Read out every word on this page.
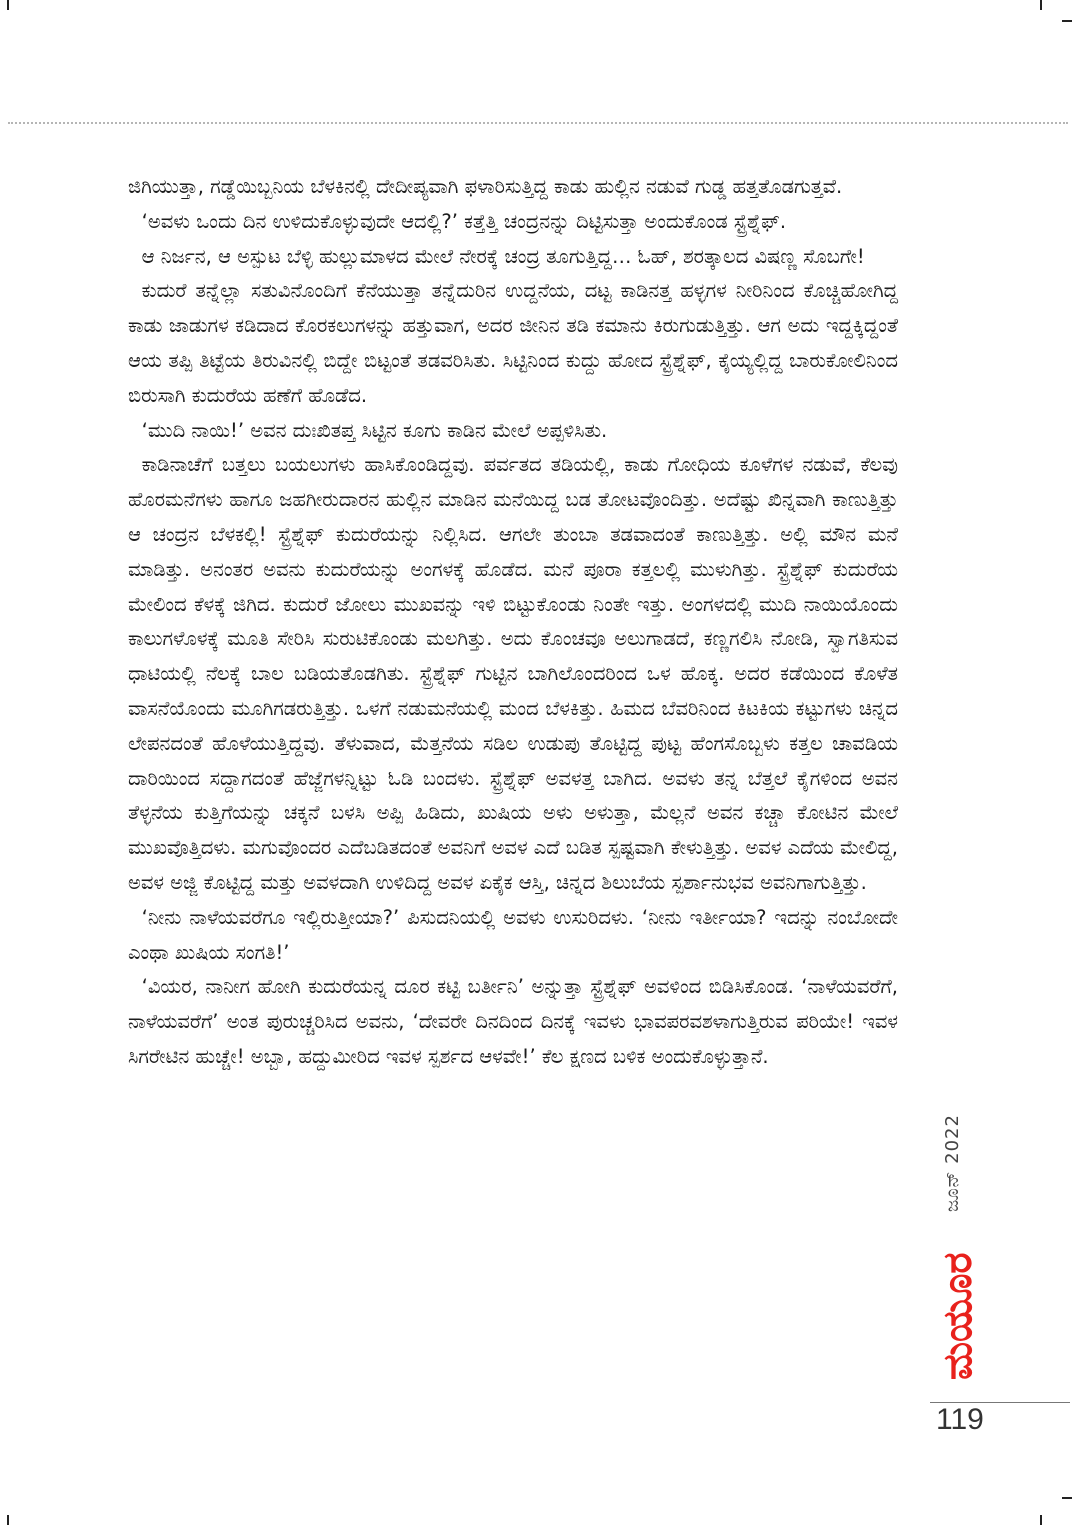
ಜಿಗಿಯುತ್ತಾ, ಗಡ್ಡೆಯಿಬ್ಬನಿಯ ಬೆಳಕಿನಲ್ಲಿ ದೇದೀಪ್ಯವಾಗಿ ಫಳಾರಿಸುತ್ತಿದ್ದ ಕಾಡು ಹುಲ್ಲಿನ ನಡುವೆ ಗುಡ್ಡ ಹತ್ತತೊಡಗುತ್ತವೆ.

‘ಅವಳು ಒಂದು ದಿನ ಉಳಿದುಕೊಳ್ಳುವುದೇ ಆದಲ್ಲಿ?’ ಕತ್ತೆತ್ತಿ ಚಂದ್ರನನ್ನು ದಿಟ್ಟಿಸುತ್ತಾ ಅಂದುಕೊಂಡ ಸ್ಟ್ರೆಶ್ನೆಫ್.

ಆ ನಿರ್ಜನ, ಆ ಅಸ್ಪುಟ ಬೆಳ್ಳಿ ಹುಲ್ಲುಮಾಳದ ಮೇಲೆ ನೇರಕ್ಕೆ ಚಂದ್ರ ತೂಗುತ್ತಿದ್ದ… ಓಹ್, ಶರತ್ಕಾಲದ ವಿಷಣ್ಣ ಸೊಬಗೇ!

ಕುದುರೆ ತನ್ನೆಲ್ಲಾ ಸತುವಿನೊಂದಿಗೆ ಕೆನೆಯುತ್ತಾ ತನ್ನೆದುರಿನ ಉದ್ದನೆಯ, ದಟ್ಟ ಕಾಡಿನತ್ತ ಹಳ್ಳಗಳ ನೀರಿನಿಂದ ಕೊಚ್ಚಿಹೋಗಿದ್ದ ಕಾಡು ಜಾಡುಗಳ ಕಡಿದಾದ ಕೊರಕಲುಗಳನ್ನು ಹತ್ತುವಾಗ, ಅದರ ಜೀನಿನ ತಡಿ ಕಮಾನು ಕಿರುಗುಡುತ್ತಿತ್ತು. ಆಗ ಅದು ಇದ್ದಕ್ಕಿದ್ದಂತೆ ಆಯ ತಪ್ಪಿ ತಿಟ್ಟೆಯ ತಿರುವಿನಲ್ಲಿ ಬಿದ್ದೇ ಬಿಟ್ಟಂತೆ ತಡವರಿಸಿತು. ಸಿಟ್ಟಿನಿಂದ ಕುದ್ದು ಹೋದ ಸ್ಟ್ರೆಶ್ನೆಫ್, ಕೈಯ್ಯಲ್ಲಿದ್ದ ಬಾರುಕೋಲಿನಿಂದ ಬಿರುಸಾಗಿ ಕುದುರೆಯ ಹಣೆಗೆ ಹೊಡೆದ.

‘ಮುದಿ ನಾಯಿ!’ ಅವನ ದುಃಖಿತಪ್ತ ಸಿಟ್ಟಿನ ಕೂಗು ಕಾಡಿನ ಮೇಲೆ ಅಪ್ಪಳಿಸಿತು.

ಕಾಡಿನಾಚೆಗೆ ಬತ್ತಲು ಬಯಲುಗಳು ಹಾಸಿಕೊಂಡಿದ್ದವು. ಪರ್ವತದ ತಡಿಯಲ್ಲಿ, ಕಾಡು ಗೋಧಿಯ ಕೂಳೆಗಳ ನಡುವೆ, ಕೆಲವು ಹೊರಮನೆಗಳು ಹಾಗೂ ಜಹಗೀರುದಾರನ ಹುಲ್ಲಿನ ಮಾಡಿನ ಮನೆಯಿದ್ದ ಬಡ ತೋಟವೊಂದಿತ್ತು. ಅದೆಷ್ಟು ಖಿನ್ನವಾಗಿ ಕಾಣುತ್ತಿತ್ತು ಆ ಚಂದ್ರನ ಬೆಳಕಲ್ಲಿ! ಸ್ಟ್ರೆಶ್ನೆಫ್ ಕುದುರೆಯನ್ನು ನಿಲ್ಲಿಸಿದ. ಆಗಲೇ ತುಂಬಾ ತಡವಾದಂತೆ ಕಾಣುತ್ತಿತ್ತು. ಅಲ್ಲಿ ಮೌನ ಮನೆ ಮಾಡಿತ್ತು. ಅನಂತರ ಅವನು ಕುದುರೆಯನ್ನು ಅಂಗಳಕ್ಕೆ ಹೊಡೆದ. ಮನೆ ಪೂರಾ ಕತ್ತಲಲ್ಲಿ ಮುಳುಗಿತ್ತು. ಸ್ಟ್ರೆಶ್ನೆಫ್ ಕುದುರೆಯ ಮೇಲಿಂದ ಕೆಳಕ್ಕೆ ಜಿಗಿದ. ಕುದುರೆ ಜೋಲು ಮುಖವನ್ನು ಇಳಿ ಬಿಟ್ಟುಕೊಂಡು ನಿಂತೇ ಇತ್ತು. ಅಂಗಳದಲ್ಲಿ ಮುದಿ ನಾಯಿಯೊಂದು ಕಾಲುಗಳೊಳಕ್ಕೆ ಮೂತಿ ಸೇರಿಸಿ ಸುರುಟಿಕೊಂಡು ಮಲಗಿತ್ತು. ಅದು ಕೊಂಚವೂ ಅಲುಗಾಡದೆ, ಕಣ್ಣಗಲಿಸಿ ನೋಡಿ, ಸ್ವಾಗತಿಸುವ ಧಾಟಿಯಲ್ಲಿ ನೆಲಕ್ಕೆ ಬಾಲ ಬಡಿಯತೊಡಗಿತು. ಸ್ಟ್ರೆಶ್ನೆಫ್ ಗುಟ್ಟಿನ ಬಾಗಿಲೊಂದರಿಂದ ಒಳ ಹೊಕ್ಕ. ಅದರ ಕಡೆಯಿಂದ ಕೊಳೆತ ವಾಸನೆಯೊಂದು ಮೂಗಿಗಡರುತ್ತಿತ್ತು. ಒಳಗೆ ನಡುಮನೆಯಲ್ಲಿ ಮಂದ ಬೆಳಕಿತ್ತು. ಹಿಮದ ಬೆವರಿನಿಂದ ಕಿಟಕಿಯ ಕಟ್ಟುಗಳು ಚಿನ್ನದ ಲೇಪನದಂತೆ ಹೊಳೆಯುತ್ತಿದ್ದವು. ತೆಳುವಾದ, ಮೆತ್ತನೆಯ ಸಡಿಲ ಉಡುಪು ತೊಟ್ಟಿದ್ದ ಪುಟ್ಟ ಹೆಂಗಸೊಬ್ಬಳು ಕತ್ತಲ ಚಾವಡಿಯ ದಾರಿಯಿಂದ ಸದ್ದಾಗದಂತೆ ಹೆಜ್ಜೆಗಳನ್ನಿಟ್ಟು ಓಡಿ ಬಂದಳು. ಸ್ಟ್ರೆಶ್ನೆಫ್ ಅವಳತ್ತ ಬಾಗಿದ. ಅವಳು ತನ್ನ ಬೆತ್ತಲೆ ಕೈಗಳಿಂದ ಅವನ ತೆಳ್ಳನೆಯ ಕುತ್ತಿಗೆಯನ್ನು ಚಕ್ಕನೆ ಬಳಸಿ ಅಪ್ಪಿ ಹಿಡಿದು, ಖುಷಿಯ ಅಳು ಅಳುತ್ತಾ, ಮೆಲ್ಲನೆ ಅವನ ಕಚ್ಚಾ ಕೋಟಿನ ಮೇಲೆ ಮುಖವೊತ್ತಿದಳು. ಮಗುವೊಂದರ ಎದೆಬಡಿತದಂತೆ ಅವನಿಗೆ ಅವಳ ಎದೆ ಬಡಿತ ಸ್ಪಷ್ಟವಾಗಿ ಕೇಳುತ್ತಿತ್ತು. ಅವಳ ಎದೆಯ ಮೇಲಿದ್ದ, ಅವಳ ಅಜ್ಜಿ ಕೊಟ್ಟಿದ್ದ ಮತ್ತು ಅವಳದಾಗಿ ಉಳಿದಿದ್ದ ಅವಳ ಏಕೈಕ ಆಸ್ತಿ, ಚಿನ್ನದ ಶಿಲುಬೆಯ ಸ್ಪರ್ಶಾನುಭವ ಅವನಿಗಾಗುತ್ತಿತ್ತು.

‘ನೀನು ನಾಳೆಯವರೆಗೂ ಇಲ್ಲಿರುತ್ತೀಯಾ?’ ಪಿಸುದನಿಯಲ್ಲಿ ಅವಳು ಉಸುರಿದಳು. ‘ನೀನು ಇರ್ತೀಯಾ? ಇದನ್ನು ನಂಬೋದೇ ಎಂಥಾ ಖುಷಿಯ ಸಂಗತಿ!’

‘ವಿಯರ, ನಾನೀಗ ಹೋಗಿ ಕುದುರೆಯನ್ನ ದೂರ ಕಟ್ಟಿ ಬರ್ತೀನಿ’ ಅನ್ನುತ್ತಾ ಸ್ಟ್ರೆಶ್ನೆಫ್ ಅವಳಿಂದ ಬಿಡಿಸಿಕೊಂಡ. ‘ನಾಳೆಯವರೆಗೆ, ನಾಳೆಯವರೆಗೆ’ ಅಂತ ಪುರುಚ್ಚರಿಸಿದ ಅವನು, ‘ದೇವರೇ ದಿನದಿಂದ ದಿನಕ್ಕೆ ಇವಳು ಭಾವಪರವಶಳಾಗುತ್ತಿರುವ ಪರಿಯೇ! ಇವಳ ಸಿಗರೇಟಿನ ಹುಚ್ಚೇ! ಅಬ್ಬಾ, ಹದ್ದುಮೀರಿದ ಇವಳ ಸ್ಪರ್ಶದ ಆಳವೇ!’ ಕೆಲ ಕ್ಷಣದ ಬಳಿಕ ಅಂದುಕೊಳ್ಳುತ್ತಾನೆ.

ಜೂನ್ 2022
ಮಯೂರ
119
